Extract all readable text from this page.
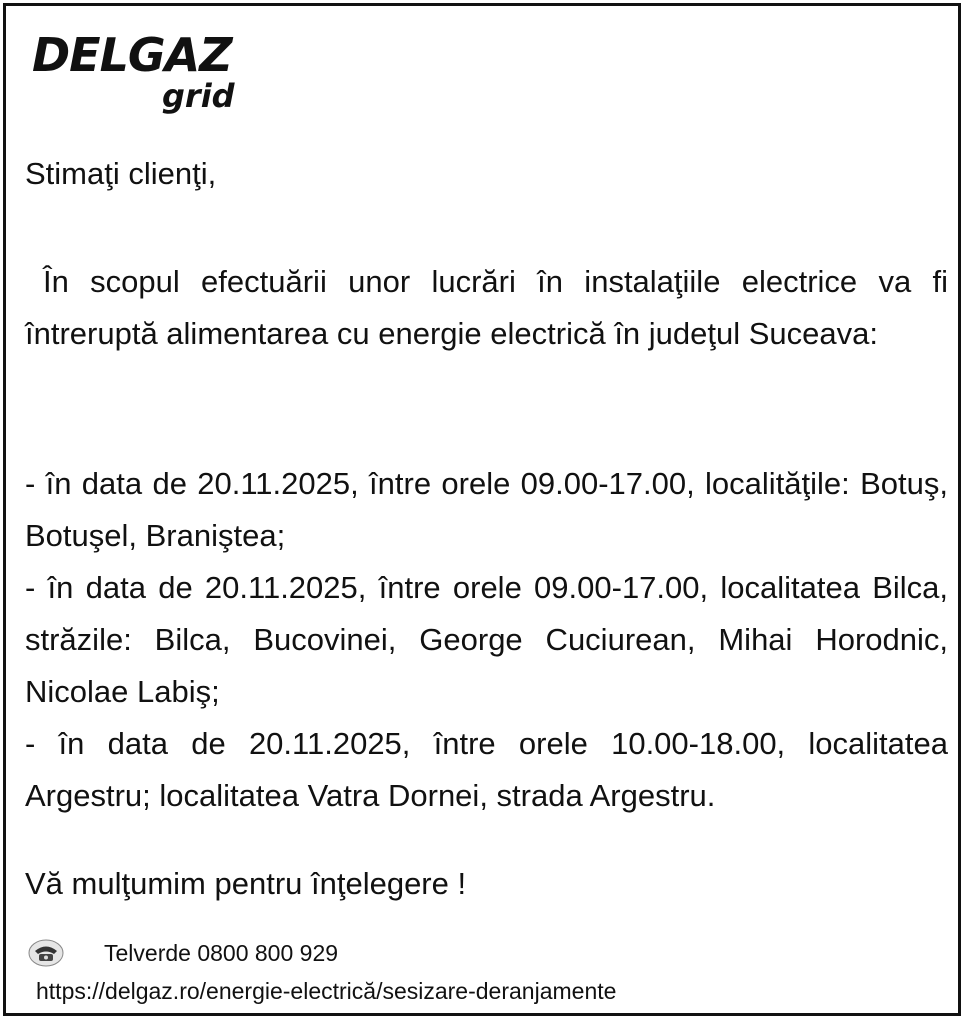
DELGAZ
grid

Stimaţi clienţi,

În scopul efectuării unor lucrări în instalaţiile electrice va fi întreruptă alimentarea cu energie electrică în judeţul Suceava:

- în data de 20.11.2025, între orele 09.00-17.00, localităţile: Botuş, Botuşel, Braniştea;

- în data de 20.11.2025, între orele 09.00-17.00, localitatea Bilca, străzile: Bilca, Bucovinei, George Cuciurean, Mihai Horodnic, Nicolae Labiş;

- în data de 20.11.2025, între orele 10.00-18.00, localitatea Argestru; localitatea Vatra Dornei, strada Argestru.

Vă mulţumim pentru înţelegere !

Telverde 0800 800 929
https://delgaz.ro/energie-electrică/sesizare-deranjamente
